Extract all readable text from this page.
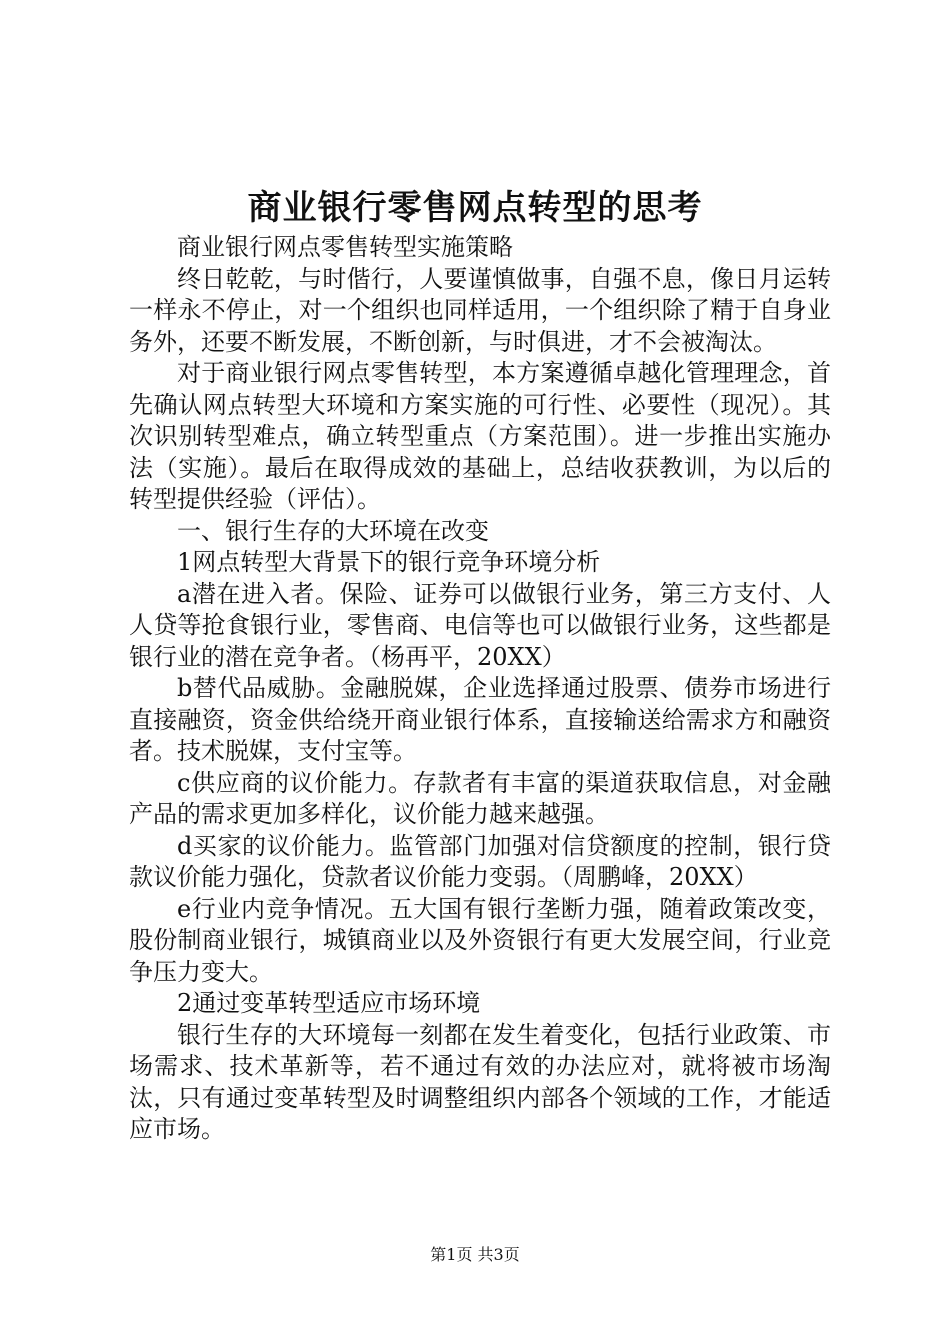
商业银行零售网点转型的思考

商业银行网点零售转型实施策略

终日乾乾，与时偕行，人要谨慎做事，自强不息，像日月运转一样永不停止，对一个组织也同样适用，一个组织除了精于自身业务外，还要不断发展，不断创新，与时俱进，才不会被淘汰。

对于商业银行网点零售转型，本方案遵循卓越化管理理念，首先确认网点转型大环境和方案实施的可行性、必要性（现况）。其次识别转型难点，确立转型重点（方案范围）。进一步推出实施办法（实施）。最后在取得成效的基础上，总结收获教训，为以后的转型提供经验（评估）。

一、银行生存的大环境在改变

1网点转型大背景下的银行竞争环境分析

a潜在进入者。保险、证券可以做银行业务，第三方支付、人人贷等抢食银行业，零售商、电信等也可以做银行业务，这些都是银行业的潜在竞争者。（杨再平，20XX）

b替代品威胁。金融脱媒，企业选择通过股票、债券市场进行直接融资，资金供给绕开商业银行体系，直接输送给需求方和融资者。技术脱媒，支付宝等。

c供应商的议价能力。存款者有丰富的渠道获取信息，对金融产品的需求更加多样化，议价能力越来越强。

d买家的议价能力。监管部门加强对信贷额度的控制，银行贷款议价能力强化，贷款者议价能力变弱。（周鹏峰，20XX）

e行业内竞争情况。五大国有银行垄断力强，随着政策改变，股份制商业银行，城镇商业以及外资银行有更大发展空间，行业竞争压力变大。

2通过变革转型适应市场环境

银行生存的大环境每一刻都在发生着变化，包括行业政策、市场需求、技术革新等，若不通过有效的办法应对，就将被市场淘汰，只有通过变革转型及时调整组织内部各个领域的工作，才能适应市场。

第1页 共3页
